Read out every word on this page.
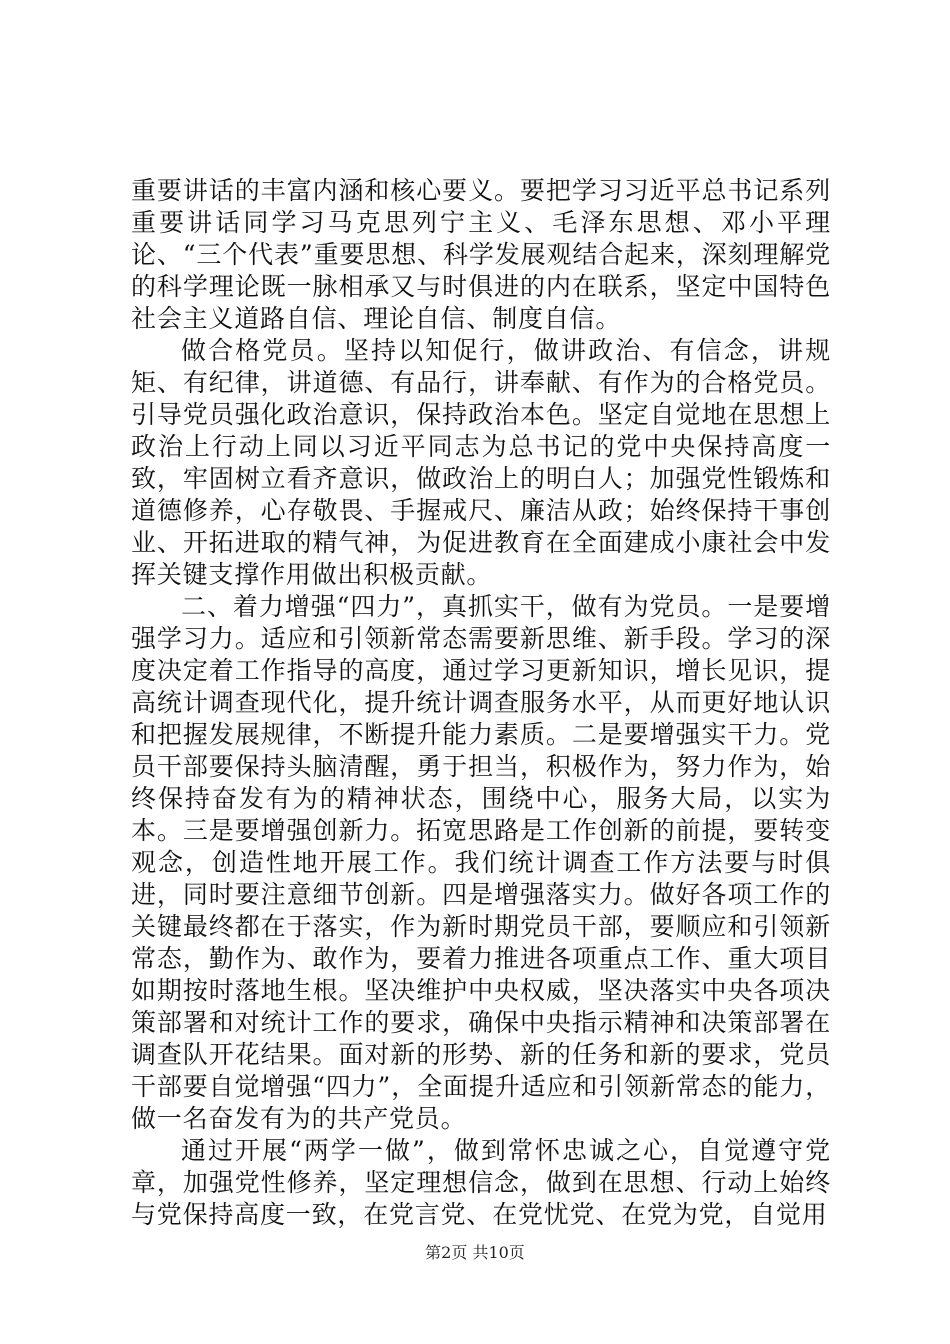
重要讲话的丰富内涵和核心要义。要把学习习近平总书记系列重要讲话同学习马克思列宁主义、毛泽东思想、邓小平理论、“三个代表”重要思想、科学发展观结合起来，深刻理解党的科学理论既一脉相承又与时俱进的内在联系，坚定中国特色社会主义道路自信、理论自信、制度自信。

做合格党员。坚持以知促行，做讲政治、有信念，讲规矩、有纪律，讲道德、有品行，讲奉献、有作为的合格党员。引导党员强化政治意识，保持政治本色。坚定自觉地在思想上政治上行动上同以习近平同志为总书记的党中央保持高度一致，牢固树立看齐意识，做政治上的明白人；加强党性锻炼和道德修养，心存敬畏、手握戒尺、廉洁从政；始终保持干事创业、开拓进取的精气神，为促进教育在全面建成小康社会中发挥关键支撑作用做出积极贡献。

二、着力增强“四力”，真抓实干，做有为党员。一是要增强学习力。适应和引领新常态需要新思维、新手段。学习的深度决定着工作指导的高度，通过学习更新知识，增长见识，提高统计调查现代化，提升统计调查服务水平，从而更好地认识和把握发展规律，不断提升能力素质。二是要增强实干力。党员干部要保持头脑清醒，勇于担当，积极作为，努力作为，始终保持奋发有为的精神状态，围绕中心，服务大局，以实为本。三是要增强创新力。拓宽思路是工作创新的前提，要转变观念，创造性地开展工作。我们统计调查工作方法要与时俱进，同时要注意细节创新。四是增强落实力。做好各项工作的关键最终都在于落实，作为新时期党员干部，要顺应和引领新常态，勤作为、敢作为，要着力推进各项重点工作、重大项目如期按时落地生根。坚决维护中央权威，坚决落实中央各项决策部署和对统计工作的要求，确保中央指示精神和决策部署在调查队开花结果。面对新的形势、新的任务和新的要求，党员干部要自觉增强“四力”，全面提升适应和引领新常态的能力，做一名奋发有为的共产党员。

通过开展“两学一做”，做到常怀忠诚之心，自觉遵守党章，加强党性修养，坚定理想信念，做到在思想、行动上始终与党保持高度一致，在党言党、在党忧党、在党为党，自觉用

第2页 共10页
